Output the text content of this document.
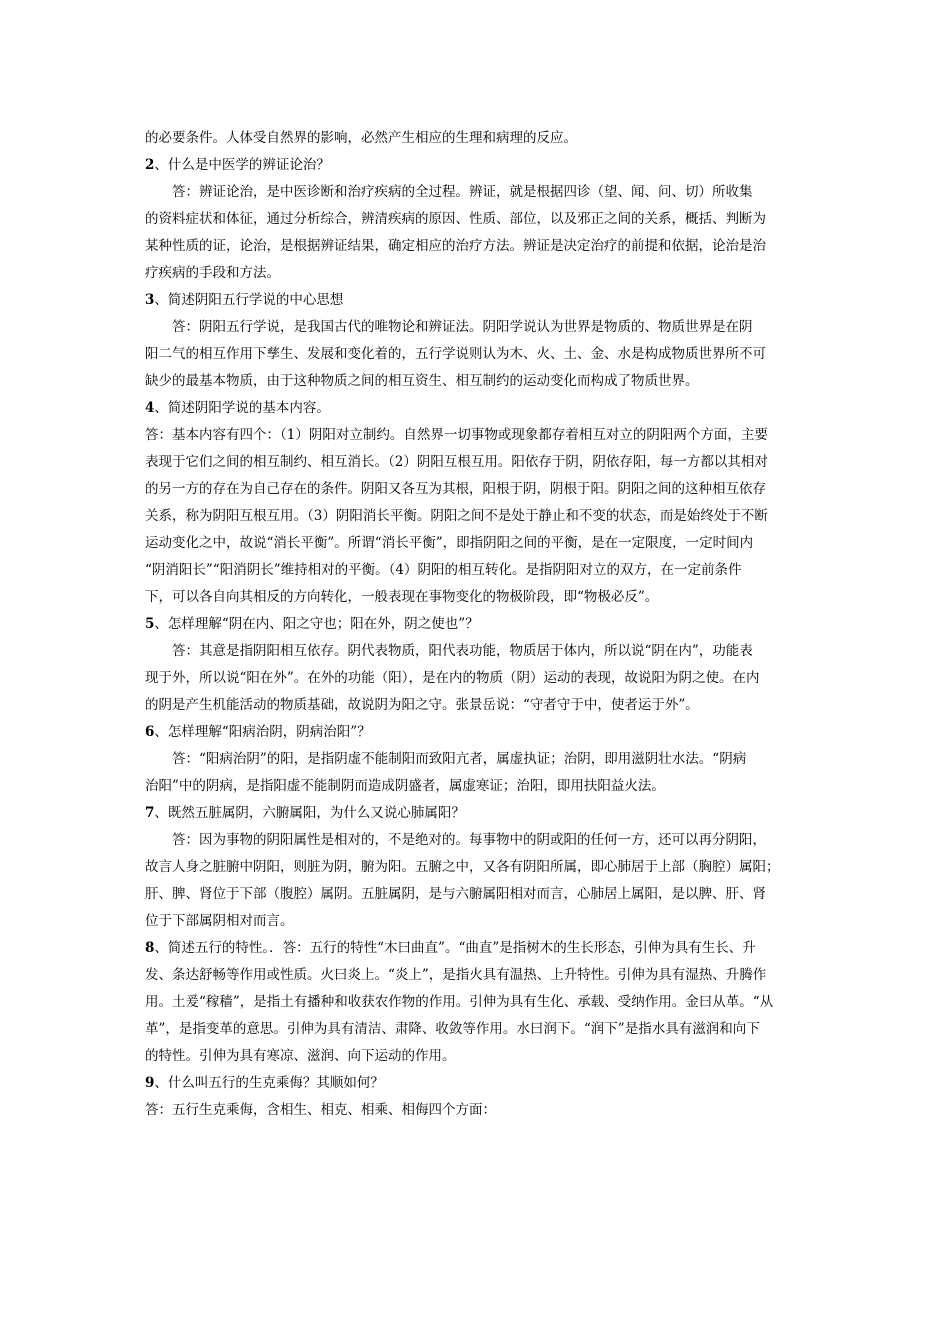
的必要条件。人体受自然界的影响，必然产生相应的生理和病理的反应。
2、什么是中医学的辨证论治？
答：辨证论治，是中医诊断和治疗疾病的全过程。辨证，就是根据四诊（望、闻、问、切）所收集
的资料症状和体征，通过分析综合，辨清疾病的原因、性质、部位，以及邪正之间的关系，概括、判断为
某种性质的证，论治，是根据辨证结果，确定相应的治疗方法。辨证是决定治疗的前提和依据，论治是治
疗疾病的手段和方法。
3、简述阴阳五行学说的中心思想
答：阴阳五行学说，是我国古代的唯物论和辨证法。阴阳学说认为世界是物质的、物质世界是在阴
阳二气的相互作用下孳生、发展和变化着的，五行学说则认为木、火、土、金、水是构成物质世界所不可
缺少的最基本物质，由于这种物质之间的相互资生、相互制约的运动变化而构成了物质世界。
4、简述阴阳学说的基本内容。
答：基本内容有四个：（1）阴阳对立制约。自然界一切事物或现象都存着相互对立的阴阳两个方面，主要
表现于它们之间的相互制约、相互消长。（2）阴阳互根互用。阳依存于阴，阴依存阳，每一方都以其相对
的另一方的存在为自己存在的条件。阴阳又各互为其根，阳根于阴，阴根于阳。阴阳之间的这种相互依存
关系，称为阴阳互根互用。（3）阴阳消长平衡。阴阳之间不是处于静止和不变的状态，而是始终处于不断
运动变化之中，故说“消长平衡”。所谓“消长平衡”，即指阴阳之间的平衡，是在一定限度，一定时间内
“阴消阳长”“阳消阴长”维持相对的平衡。（4）阴阳的相互转化。是指阴阳对立的双方，在一定前条件
下，可以各自向其相反的方向转化，一般表现在事物变化的物极阶段，即“物极必反”。
5、怎样理解“阴在内、阳之守也；阳在外，阴之使也”？
答：其意是指阴阳相互依存。阴代表物质，阳代表功能，物质居于体内，所以说“阴在内”，功能表
现于外，所以说“阳在外”。在外的功能（阳），是在内的物质（阴）运动的表现，故说阳为阴之使。在内
的阴是产生机能活动的物质基础，故说阴为阳之守。张景岳说：“守者守于中，使者运于外”。
6、怎样理解“阳病治阴，阴病治阳”？
答：“阳病治阴”的阳，是指阴虚不能制阳而致阳亢者，属虚执证；治阴，即用滋阴壮水法。“阴病
治阳”中的阴病，是指阳虚不能制阴而造成阴盛者，属虚寒证；治阳，即用扶阳益火法。
7、既然五脏属阴，六腑属阳，为什么又说心肺属阳？
答：因为事物的阴阳属性是相对的，不是绝对的。每事物中的阴或阳的任何一方，还可以再分阴阳，
故言人身之脏腑中阴阳，则脏为阴，腑为阳。五腑之中，又各有阴阳所属，即心肺居于上部（胸腔）属阳；
肝、脾、肾位于下部（腹腔）属阴。五脏属阴，是与六腑属阳相对而言，心肺居上属阳，是以脾、肝、肾
位于下部属阴相对而言。
8、简述五行的特性。．答：五行的特性“木曰曲直”。“曲直”是指树木的生长形态，引伸为具有生长、升
发、条达舒畅等作用或性质。火曰炎上。“炎上”，是指火具有温热、上升特性。引伸为具有湿热、升腾作
用。土爰“稼穑”，是指土有播种和收获农作物的作用。引伸为具有生化、承载、受纳作用。金曰从革。“从
革”，是指变革的意思。引伸为具有清洁、肃降、收敛等作用。水曰润下。“润下”是指水具有滋润和向下
的特性。引伸为具有寒凉、滋润、向下运动的作用。
9、什么叫五行的生克乘侮？其顺如何？
答：五行生克乘侮，含相生、相克、相乘、相侮四个方面：
